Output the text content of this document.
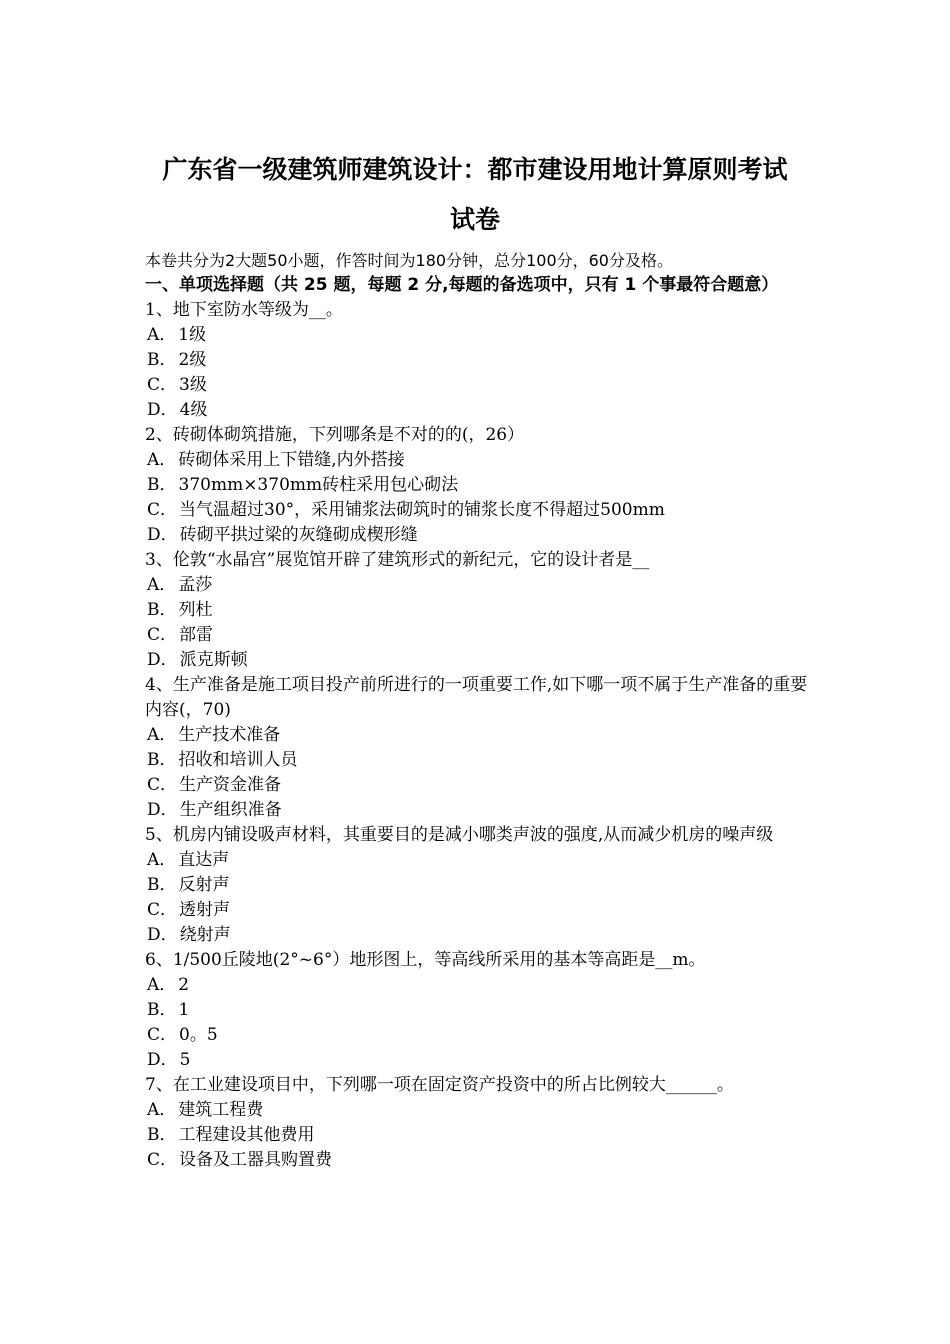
广东省一级建筑师建筑设计：都市建设用地计算原则考试
试卷
本卷共分为2大题50小题，作答时间为180分钟，总分100分，60分及格。
一、单项选择题（共 25 题，每题 2 分,每题的备选项中，只有 1 个事最符合题意）
1、地下室防水等级为__。
A． 1级
B． 2级
C． 3级
D． 4级
2、砖砌体砌筑措施，下列哪条是不对的的(，26）
A． 砖砌体采用上下错缝,内外搭接
B． 370mm×370mm砖柱采用包心砌法
C． 当气温超过30°，采用铺浆法砌筑时的铺浆长度不得超过500mm
D． 砖砌平拱过梁的灰缝砌成楔形缝
3、伦敦“水晶宫”展览馆开辟了建筑形式的新纪元，它的设计者是__
A． 孟莎
B． 列杜
C． 部雷
D． 派克斯顿
4、生产准备是施工项目投产前所进行的一项重要工作,如下哪一项不属于生产准备的重要内容(，70)
A． 生产技术准备
B． 招收和培训人员
C． 生产资金准备
D． 生产组织准备
5、机房内铺设吸声材料，其重要目的是减小哪类声波的强度,从而减少机房的噪声级
A． 直达声
B． 反射声
C． 透射声
D． 绕射声
6、1/500丘陵地(2°~6°）地形图上，等高线所采用的基本等高距是__m。
A． 2
B． 1
C． 0。5
D． 5
7、在工业建设项目中，下列哪一项在固定资产投资中的所占比例较大______。
A． 建筑工程费
B． 工程建设其他费用
C． 设备及工器具购置费
